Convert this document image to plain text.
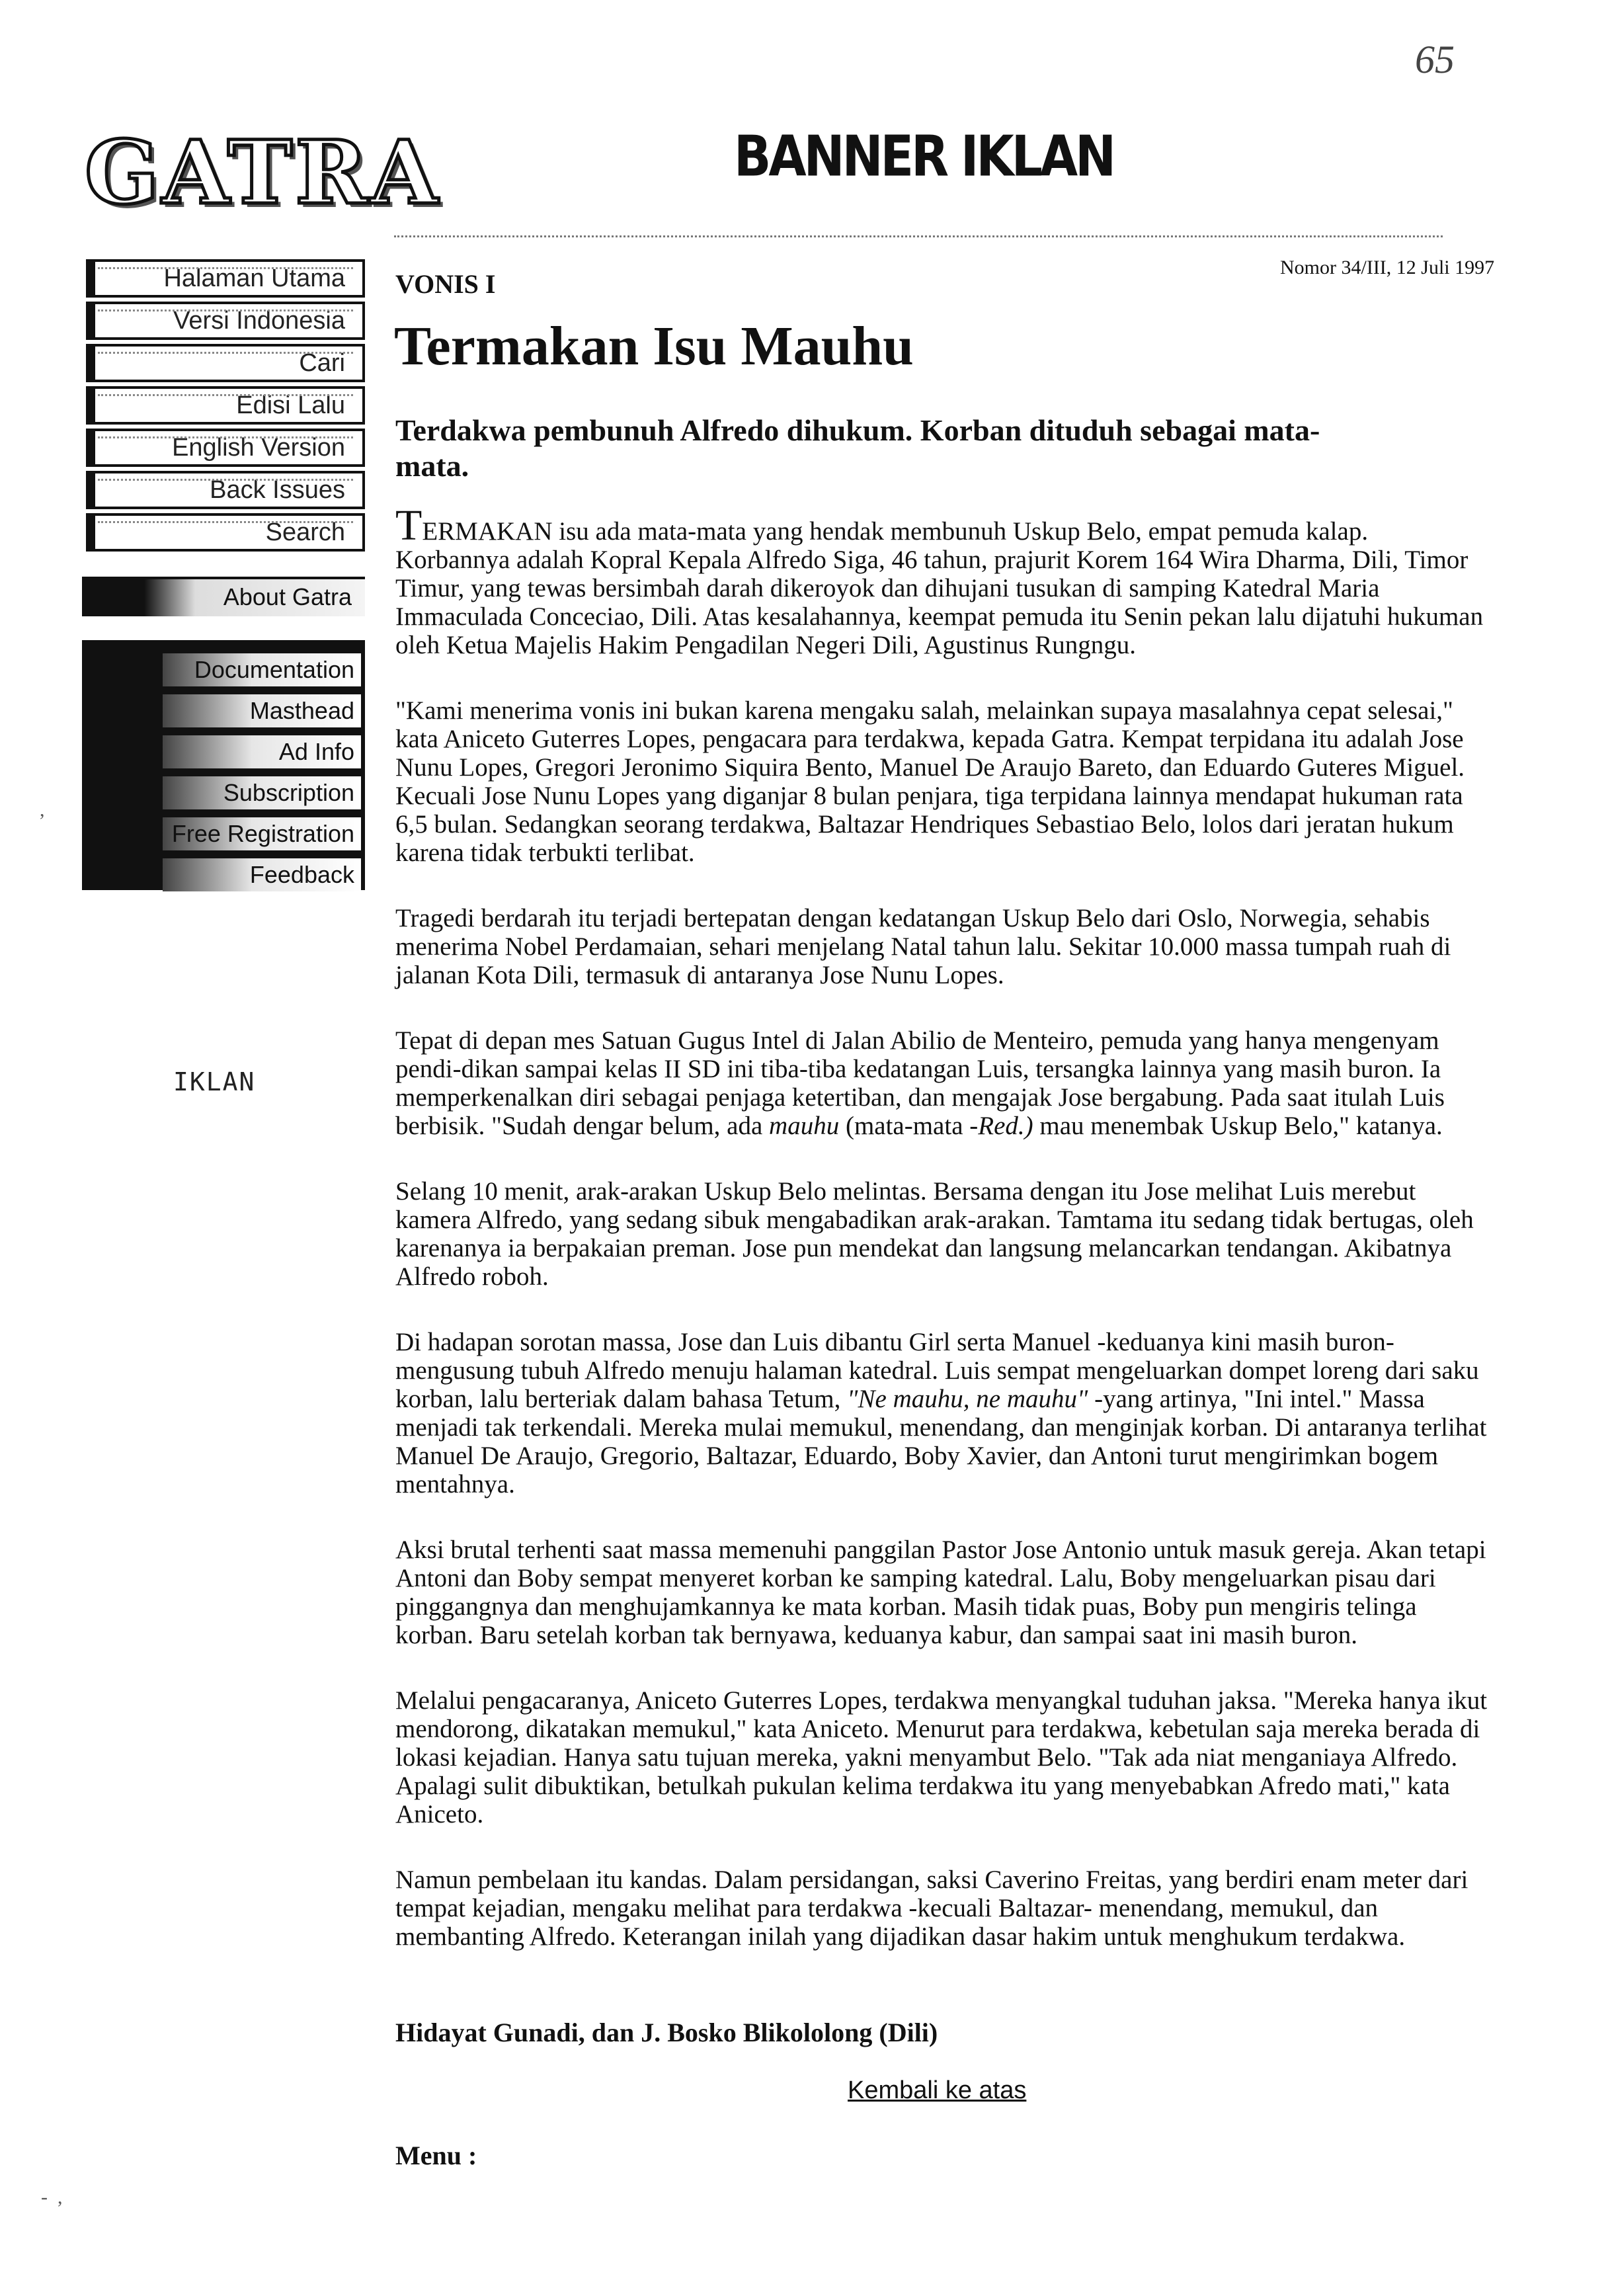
GATRA	BANNER IKLAN
65
Halaman Utama
Versi Indonesia
Cari
Edisi Lalu
English Version
Back Issues
Search
About Gatra
Documentation
Masthead
Ad Info
Subscription
Free Registration
Feedback
IKLAN
VONIS I
Nomor 34/III, 12 Juli 1997
Termakan Isu Mauhu
Terdakwa pembunuh Alfredo dihukum. Korban dituduh sebagai mata-mata.

TERMAKAN isu ada mata-mata yang hendak membunuh Uskup Belo, empat pemuda kalap. Korbannya adalah Kopral Kepala Alfredo Siga, 46 tahun, prajurit Korem 164 Wira Dharma, Dili, Timor Timur, yang tewas bersimbah darah dikeroyok dan dihujani tusukan di samping Katedral Maria Immaculada Conceciao, Dili. Atas kesalahannya, keempat pemuda itu Senin pekan lalu dijatuhi hukuman oleh Ketua Majelis Hakim Pengadilan Negeri Dili, Agustinus Rungngu.

"Kami menerima vonis ini bukan karena mengaku salah, melainkan supaya masalahnya cepat selesai," kata Aniceto Guterres Lopes, pengacara para terdakwa, kepada Gatra. Kempat terpidana itu adalah Jose Nunu Lopes, Gregori Jeronimo Siquira Bento, Manuel De Araujo Bareto, dan Eduardo Guteres Miguel. Kecuali Jose Nunu Lopes yang diganjar 8 bulan penjara, tiga terpidana lainnya mendapat hukuman rata 6,5 bulan. Sedangkan seorang terdakwa, Baltazar Hendriques Sebastiao Belo, lolos dari jeratan hukum karena tidak terbukti terlibat.

Tragedi berdarah itu terjadi bertepatan dengan kedatangan Uskup Belo dari Oslo, Norwegia, sehabis menerima Nobel Perdamaian, sehari menjelang Natal tahun lalu. Sekitar 10.000 massa tumpah ruah di jalanan Kota Dili, termasuk di antaranya Jose Nunu Lopes.

Tepat di depan mes Satuan Gugus Intel di Jalan Abilio de Menteiro, pemuda yang hanya mengenyam pendi-dikan sampai kelas II SD ini tiba-tiba kedatangan Luis, tersangka lainnya yang masih buron. Ia memperkenalkan diri sebagai penjaga ketertiban, dan mengajak Jose bergabung. Pada saat itulah Luis berbisik. "Sudah dengar belum, ada mauhu (mata-mata -Red.) mau menembak Uskup Belo," katanya.

Selang 10 menit, arak-arakan Uskup Belo melintas. Bersama dengan itu Jose melihat Luis merebut kamera Alfredo, yang sedang sibuk mengabadikan arak-arakan. Tamtama itu sedang tidak bertugas, oleh karenanya ia berpakaian preman. Jose pun mendekat dan langsung melancarkan tendangan. Akibatnya Alfredo roboh.

Di hadapan sorotan massa, Jose dan Luis dibantu Girl serta Manuel -keduanya kini masih buron- mengusung tubuh Alfredo menuju halaman katedral. Luis sempat mengeluarkan dompet loreng dari saku korban, lalu berteriak dalam bahasa Tetum, "Ne mauhu, ne mauhu" -yang artinya, "Ini intel." Massa menjadi tak terkendali. Mereka mulai memukul, menendang, dan menginjak korban. Di antaranya terlihat Manuel De Araujo, Gregorio, Baltazar, Eduardo, Boby Xavier, dan Antoni turut mengirimkan bogem mentahnya.

Aksi brutal terhenti saat massa memenuhi panggilan Pastor Jose Antonio untuk masuk gereja. Akan tetapi Antoni dan Boby sempat menyeret korban ke samping katedral. Lalu, Boby mengeluarkan pisau dari pinggangnya dan menghujamkannya ke mata korban. Masih tidak puas, Boby pun mengiris telinga korban. Baru setelah korban tak bernyawa, keduanya kabur, dan sampai saat ini masih buron.

Melalui pengacaranya, Aniceto Guterres Lopes, terdakwa menyangkal tuduhan jaksa. "Mereka hanya ikut mendorong, dikatakan memukul," kata Aniceto. Menurut para terdakwa, kebetulan saja mereka berada di lokasi kejadian. Hanya satu tujuan mereka, yakni menyambut Belo. "Tak ada niat menganiaya Alfredo. Apalagi sulit dibuktikan, betulkah pukulan kelima terdakwa itu yang menyebabkan Afredo mati," kata Aniceto.

Namun pembelaan itu kandas. Dalam persidangan, saksi Caverino Freitas, yang berdiri enam meter dari tempat kejadian, mengaku melihat para terdakwa -kecuali Baltazar- menendang, memukul, dan membanting Alfredo. Keterangan inilah yang dijadikan dasar hakim untuk menghukum terdakwa.

Hidayat Gunadi, dan J. Bosko Blikololong (Dili)
Kembali ke atas
Menu :
-  ,
,
